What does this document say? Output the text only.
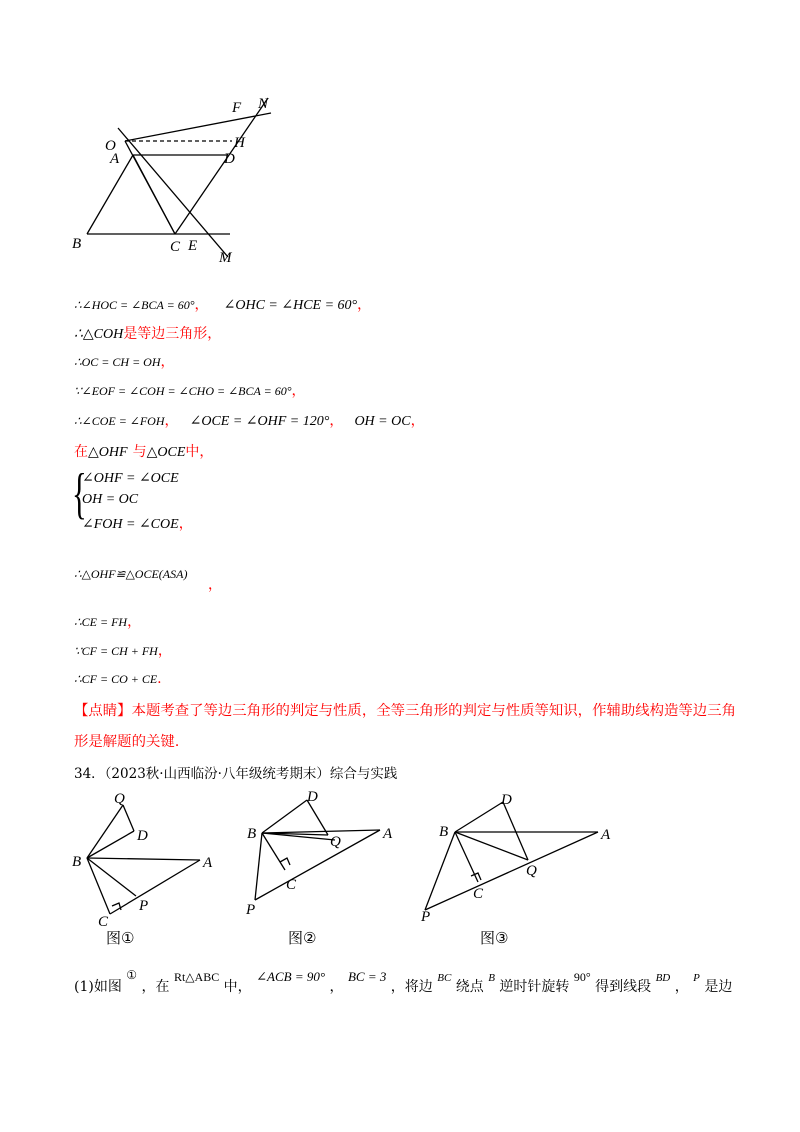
F N
O	H
A	D
B	C E
M
∴∠HOC = ∠BCA = 60°， ∠OHC = ∠HCE = 60°，
∴△COH是等边三角形，
∴OC = CH = OH，
∵∠EOF = ∠COH = ∠CHO = ∠BCA = 60°，
∴∠COE = ∠FOH， ∠OCE = ∠OHF = 120°， OH = OC，
在△OHF 与△OCE中，
{
∠OHF = ∠OCE
OH = OC
∠FOH = ∠COE，
∴△OHF≌△OCE(ASA)
，
∴CE = FH，
∵CF = CH + FH，
∴CF = CO + CE.
【点睛】本题考查了等边三角形的判定与性质，全等三角形的判定与性质等知识，作辅助线构造等边三角
形是解题的关键.
34．（2023秋·山西临汾·八年级统考期末）综合与实践
Q
D
B	A
P
C
图①
D
B	Q	A
C
P
图②
D
B	A
Q
C
P
图③
(1)如图 ① ，在 Rt△ABC 中， ∠ACB = 90° ， BC = 3 ，将边 $^{BC}$ 绕点 $^B$ 逆时针旋转 90° 得到线段 $^{BD}$ ， $^P$ 是边
